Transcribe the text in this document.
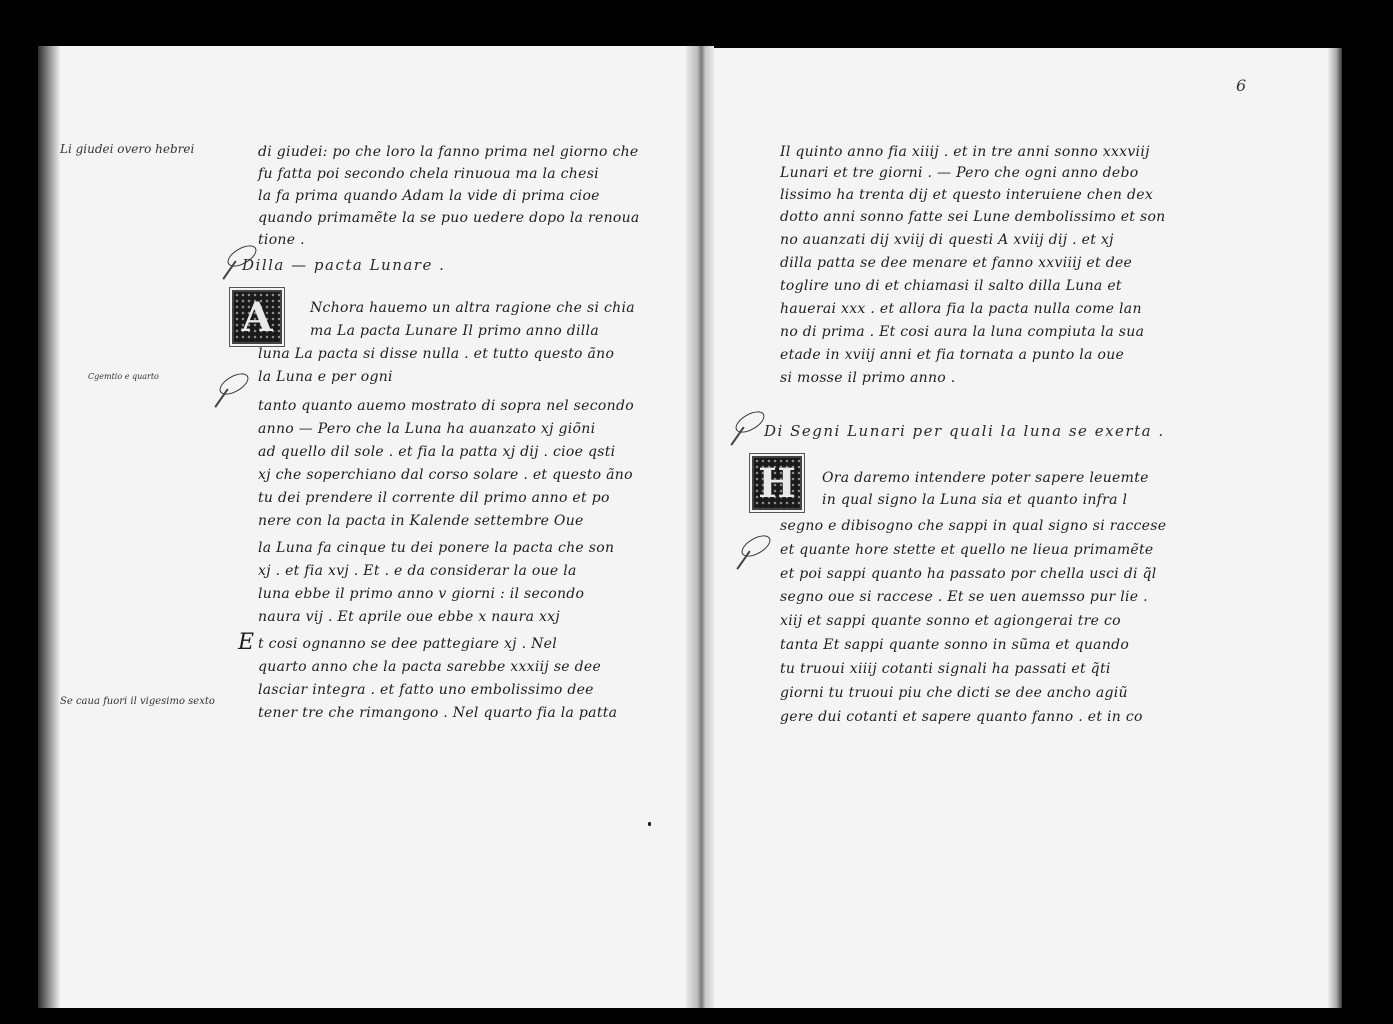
Li giudei overo hebrei
Cgemtio e quarto
Se caua fuori il vigesimo sexto
di giudei: po che loro la fanno prima nel giorno che
fu fatta poi secondo chela rinuoua ma la chesi
la fa prima quando Adam la vide di prima cioe
quando primamẽte la se puo uedere dopo la renoua
tione .
Dilla — pacta Lunare .
A	Nchora hauemo un altra ragione che si chia
ma La pacta Lunare Il primo anno dilla
luna La pacta si disse nulla . et tutto questo ãno
la Luna e per ogni
tanto quanto auemo mostrato di sopra nel secondo
anno — Pero che la Luna ha auanzato xj giõni
ad quello dil sole . et fia la patta xj dij . cioe qsti
xj che soperchiano dal corso solare . et questo ãno
tu dei prendere il corrente dil primo anno et po
nere con la pacta in Kalende settembre Oue
la Luna fa cinque tu dei ponere la pacta che son
xj . et fia xvj . Et . e da considerar la oue la
luna ebbe il primo anno v giorni : il secondo
naura vij . Et aprile oue ebbe x naura xxj
t cosi ognanno se dee pattegiare xj . Nel
quarto anno che la pacta sarebbe xxxiij se dee
lasciar integra . et fatto uno embolissimo dee
tener tre che rimangono . Nel quarto fia la patta
E
6
Il quinto anno fia xiiij . et in tre anni sonno xxxviij
Lunari et tre giorni . — Pero che ogni anno debo
lissimo ha trenta dij et questo interuiene chen dex
dotto anni sonno fatte sei Lune dembolissimo et son
no auanzati dij xviij di questi A xviij dij . et xj
dilla patta se dee menare et fanno xxviiij et dee
toglire uno di et chiamasi il salto dilla Luna et
hauerai xxx . et allora fia la pacta nulla come lan
no di prima . Et cosi aura la luna compiuta la sua
etade in xviij anni et fia tornata a punto la oue
si mosse il primo anno .
Di Segni Lunari per quali la luna se exerta .
H	Ora daremo intendere poter sapere leuemte
in qual signo la Luna sia et quanto infra l
segno e dibisogno che sappi in qual signo si raccese
et quante hore stette et quello ne lieua primamẽte
et poi sappi quanto ha passato por chella usci di q̃l
segno oue si raccese . Et se uen auemsso pur lie .
xiij et sappi quante sonno et agiongerai tre co
tanta Et sappi quante sonno in sũma et quando
tu truoui xiiij cotanti signali ha passati et q̃ti
giorni tu truoui piu che dicti se dee ancho agiũ
gere dui cotanti et sapere quanto fanno . et in co
